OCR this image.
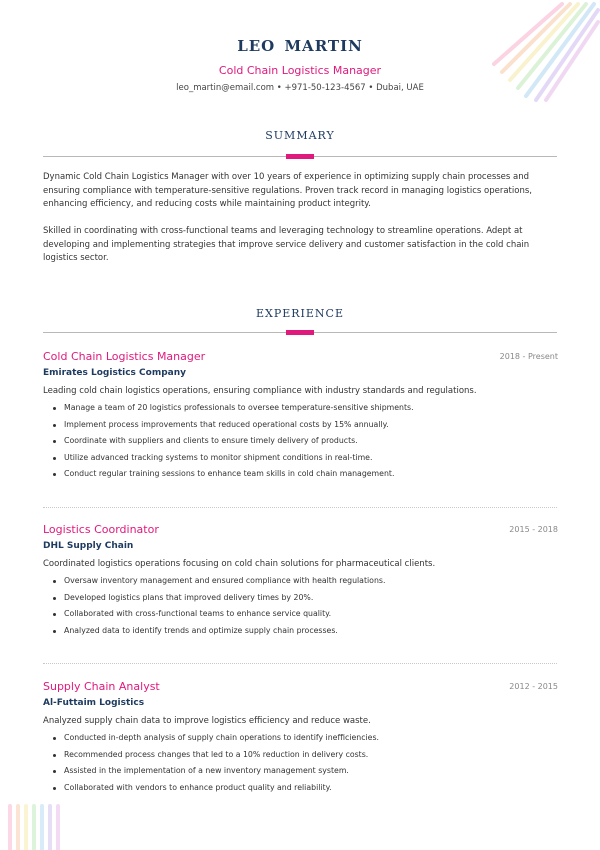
LEO MARTIN
Cold Chain Logistics Manager
leo_martin@email.com • +971-50-123-4567 • Dubai, UAE
SUMMARY

Dynamic Cold Chain Logistics Manager with over 10 years of experience in optimizing supply chain processes and ensuring compliance with temperature-sensitive regulations. Proven track record in managing logistics operations, enhancing efficiency, and reducing costs while maintaining product integrity.

Skilled in coordinating with cross-functional teams and leveraging technology to streamline operations. Adept at developing and implementing strategies that improve service delivery and customer satisfaction in the cold chain logistics sector.

EXPERIENCE
Cold Chain Logistics Manager	2018 - Present
Emirates Logistics Company
Leading cold chain logistics operations, ensuring compliance with industry standards and regulations.
Manage a team of 20 logistics professionals to oversee temperature-sensitive shipments.
Implement process improvements that reduced operational costs by 15% annually.
Coordinate with suppliers and clients to ensure timely delivery of products.
Utilize advanced tracking systems to monitor shipment conditions in real-time.
Conduct regular training sessions to enhance team skills in cold chain management.
Logistics Coordinator	2015 - 2018
DHL Supply Chain
Coordinated logistics operations focusing on cold chain solutions for pharmaceutical clients.
Oversaw inventory management and ensured compliance with health regulations.
Developed logistics plans that improved delivery times by 20%.
Collaborated with cross-functional teams to enhance service quality.
Analyzed data to identify trends and optimize supply chain processes.
Supply Chain Analyst	2012 - 2015
Al-Futtaim Logistics
Analyzed supply chain data to improve logistics efficiency and reduce waste.
Conducted in-depth analysis of supply chain operations to identify inefficiencies.
Recommended process changes that led to a 10% reduction in delivery costs.
Assisted in the implementation of a new inventory management system.
Collaborated with vendors to enhance product quality and reliability.
